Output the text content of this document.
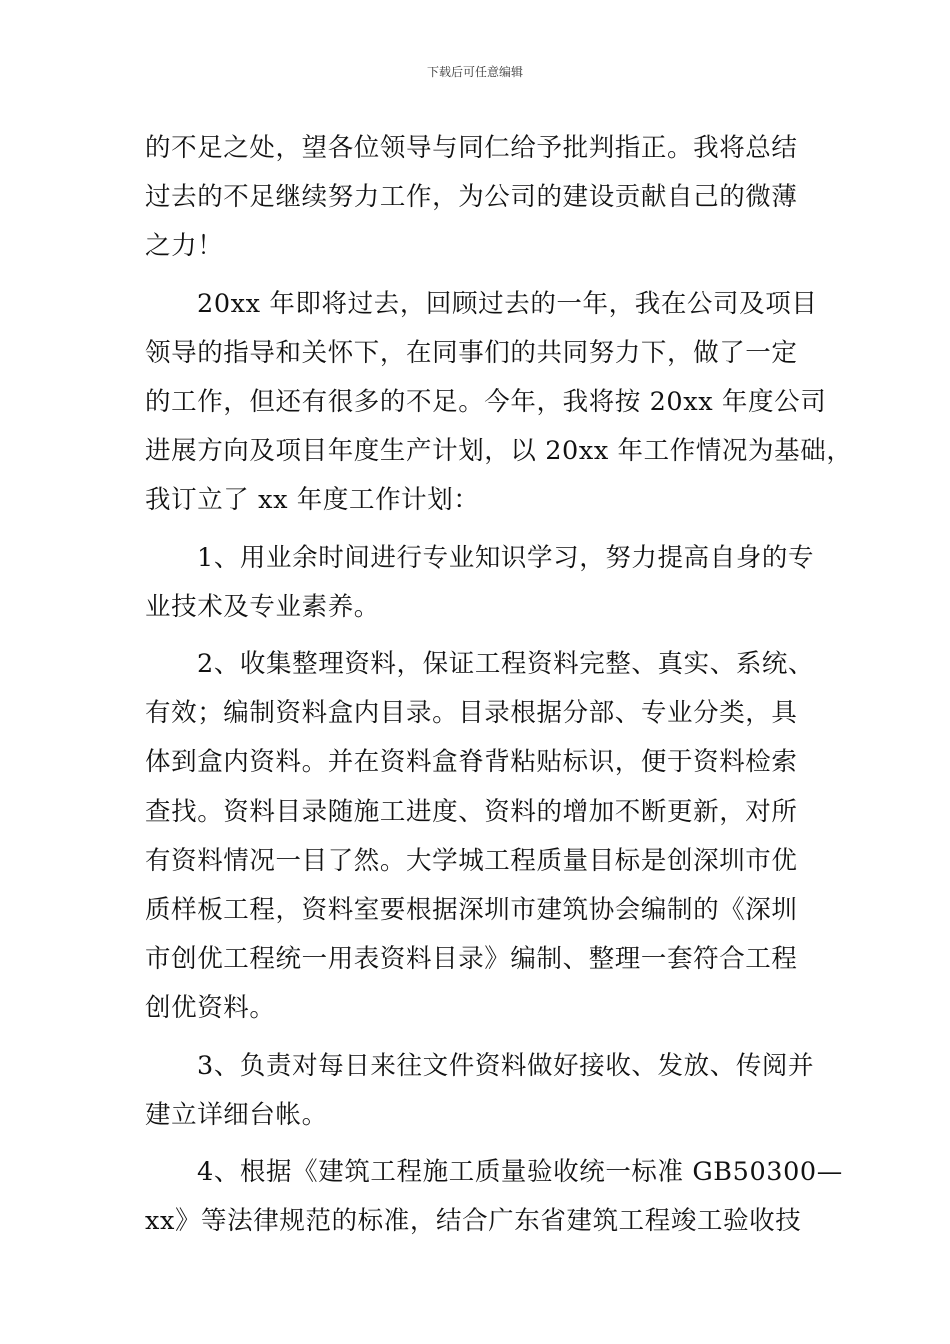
下载后可任意编辑
的不足之处，望各位领导与同仁给予批判指正。我将总结
过去的不足继续努力工作，为公司的建设贡献自己的微薄
之力！
20xx 年即将过去，回顾过去的一年，我在公司及项目
领导的指导和关怀下，在同事们的共同努力下，做了一定
的工作，但还有很多的不足。今年，我将按 20xx 年度公司
进展方向及项目年度生产计划，以 20xx 年工作情况为基础，
我订立了 xx 年度工作计划：
1、用业余时间进行专业知识学习，努力提高自身的专
业技术及专业素养。
2、收集整理资料，保证工程资料完整、真实、系统、
有效；编制资料盒内目录。目录根据分部、专业分类，具
体到盒内资料。并在资料盒脊背粘贴标识，便于资料检索
查找。资料目录随施工进度、资料的增加不断更新，对所
有资料情况一目了然。大学城工程质量目标是创深圳市优
质样板工程，资料室要根据深圳市建筑协会编制的《深圳
市创优工程统一用表资料目录》编制、整理一套符合工程
创优资料。
3、负责对每日来往文件资料做好接收、发放、传阅并
建立详细台帐。
4、根据《建筑工程施工质量验收统一标准 GB50300—
xx》等法律规范的标准，结合广东省建筑工程竣工验收技
